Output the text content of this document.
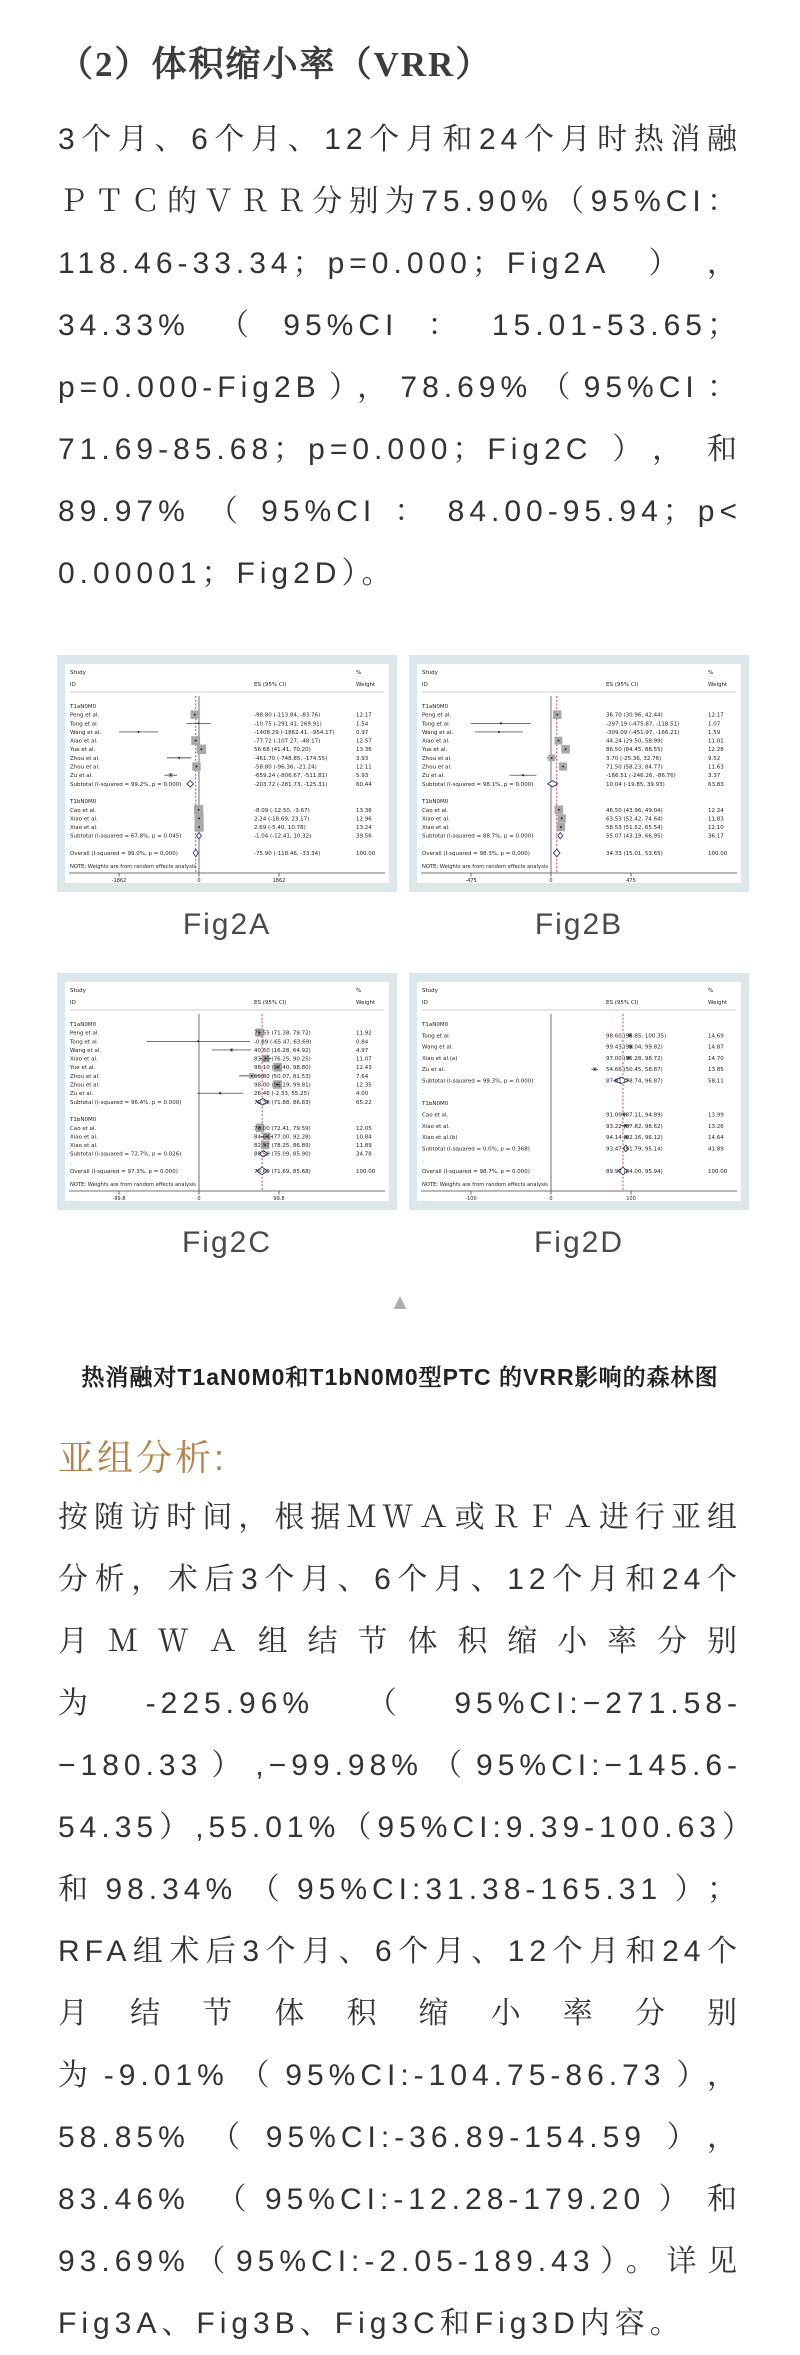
（2）体积缩小率（VRR）

3个月、6个月、12个月和24个月时热消融ＰＴＣ的ＶＲＲ分别为75.90%（95%CI：118.46-33.34；p=0.000；Fig2A），34.33%（95%CI：15.01-53.65；p=0.000-Fig2B），78.69%（95%CI：71.69-85.68；p=0.000；Fig2C），和89.97%（95%CI：84.00-95.94；p< 0.00001；Fig2D）。

Study
ID	ES (95% CI)
%
Weight
T1aN0M0
Peng et al.	-98.80 (-113.84, -83.76)	12.17
Tong et al.	-10.75 (-291.41, 269.91)	1.54
Wang et al.	-1408.29 (-1862.41, -954.17)	0.97
Xiao et al.	-77.72 (-107.27, -48.17)	12.57
Yue et al.	56.68 (41.41, 70.20)	13.36
Zhou et al.	-461.70 (-748.85, -174.55)	3.93
Zhou et al.	-58.80 (-96.36, -21.24)	12.11
Zu et al.	-659.24 (-806.67, -511.81)	5.93
Subtotal (I-squared = 99.2%, p = 0.000)	-203.72 (-281.73, -125.31)	60.44
.
T1bN0M0
Cao et al.	-8.09 (-12.50, -3.67)	13.36
Xiao et al.	2.24 (-18.69, 23.17)	12.96
Xiao et al.	2.69 (-5.40, 10.78)	13.24
Subtotal (I-squared = 67.8%, p = 0.045)	-1.04 (-12.41, 10.32)	39.56
.
Overall (I-squared = 99.0%, p = 0.000)	-75.90 (-118.46, -33.34)	100.00
NOTE: Weights are from random effects analysis
-1862	0	1862
Fig2A
Study
ID	ES (95% CI)
%
Weight
T1aN0M0
Peng et al.	36.70 (30.96, 42.44)	12.17
Tong et al.	-297.19 (-475.87, -118.51)	1.07
Wang et al.	-309.09 (-451.97, -166.21)	1.59
Xiao et al.	44.24 (29.50, 58.99)	11.01
Yue et al.	86.50 (84.45, 88.55)	12.28
Zhou et al.	3.70 (-25.36, 32.76)	9.52
Zhou et al.	71.50 (58.23, 84.77)	11.63
Zu et al.	-166.51 (-246.26, -86.76)	3.37
Subtotal (I-squared = 98.1%, p = 0.000)	10.04 (-19.85, 39.93)	63.83
.
T1bN0M0
Cao et al.	46.50 (43.96, 49.04)	12.24
Xiao et al.	63.53 (52.42, 74.64)	11.83
Xiao et al.	58.53 (51.52, 65.54)	12.10
Subtotal (I-squared = 88.7%, p = 0.000)	55.07 (43.19, 66.95)	36.17
.
Overall (I-squared = 98.3%, p = 0.000)	34.33 (15.01, 53.65)	100.00
NOTE: Weights are from random effects analysis
-475	0	475
Fig2B
Study
ID	ES (95% CI)
%
Weight
T1aN0M0
Peng et al.	75.55 (71.38, 79.72)	11.92
Tong et al.	-0.89 (-65.47, 63.69)	0.84
Wang et al.	40.60 (16.28, 64.92)	4.97
Xiao et al.	83.25 (76.25, 90.25)	11.07
Yue et al.	98.10 (97.40, 98.80)	12.43
Zhou et al.	65.80 (50.07, 81.53)	7.64
Zhou et al.	98.00 (96.19, 99.81)	12.35
Zu et al.	26.46 (-2.33, 55.25)	4.00
Subtotal (I-squared = 96.4%, p = 0.000)	79.36 (71.88, 86.83)	65.22
.
T1bN0M0
Cao et al.	76.00 (72.41, 79.59)	12.05
Xiao et al.	84.64 (77.00, 92.28)	10.84
Xiao et al.	82.57 (78.25, 86.89)	11.89
Subtotal (I-squared = 72.7%, p = 0.026)	80.50 (75.09, 85.90)	34.78
.
Overall (I-squared = 97.3%, p = 0.000)	78.69 (71.69, 85.68)	100.00
NOTE: Weights are from random effects analysis
-99.8	0	99.8
Fig2C
Study
ID	ES (95% CI)
%
Weight
T1aN0M0
Tong et al.	98.60 (96.85, 100.35)	14.69
Wang et al.	99.43 (99.04, 99.82)	14.87
Xiao et al.(a)	97.00 (95.28, 98.72)	14.70
Zu et al.	54.66 (50.45, 58.87)	13.85
Subtotal (I-squared = 99.3%, p = 0.000)	87.81 (78.74, 96.87)	58.11
.
T1bN0M0
Cao et al.	91.00 (87.11, 94.89)	13.99
Xiao et al.	93.22 (87.82, 98.62)	13.26
Xiao et al.(b)	94.14 (92.16, 96.12)	14.64
Subtotal (I-squared = 0.0%, p = 0.368)	93.47 (91.79, 95.14)	41.89
.
Overall (I-squared = 98.7%, p = 0.000)	89.97 (84.00, 95.94)	100.00
NOTE: Weights are from random effects analysis
-100	0	100
Fig2D
▲

热消融对T1aN0M0和T1bN0M0型PTC 的VRR影响的森林图

亚组分析:

按随访时间，根据ＭＷＡ或ＲＦＡ进行亚组分析，术后3个月、6个月、12个月和24个月ＭＷＡ组结节体积缩小率分别为-225.96%（95%CI:−271.58-−180.33）,−99.98%（95%CI:−145.6-54.35）,55.01%（95%CI:9.39-100.63）和98.34%（95%CI:31.38-165.31）；RFA组术后3个月、6个月、12个月和24个月结节体积缩小率分别为-9.01%（95%CI:-104.75-86.73），58.85%（95%CI:-36.89-154.59），83.46% （95%CI:-12.28-179.20）和93.69%（95%CI:-2.05-189.43）。详见Fig3A、Fig3B、Fig3C和Fig3D内容。
